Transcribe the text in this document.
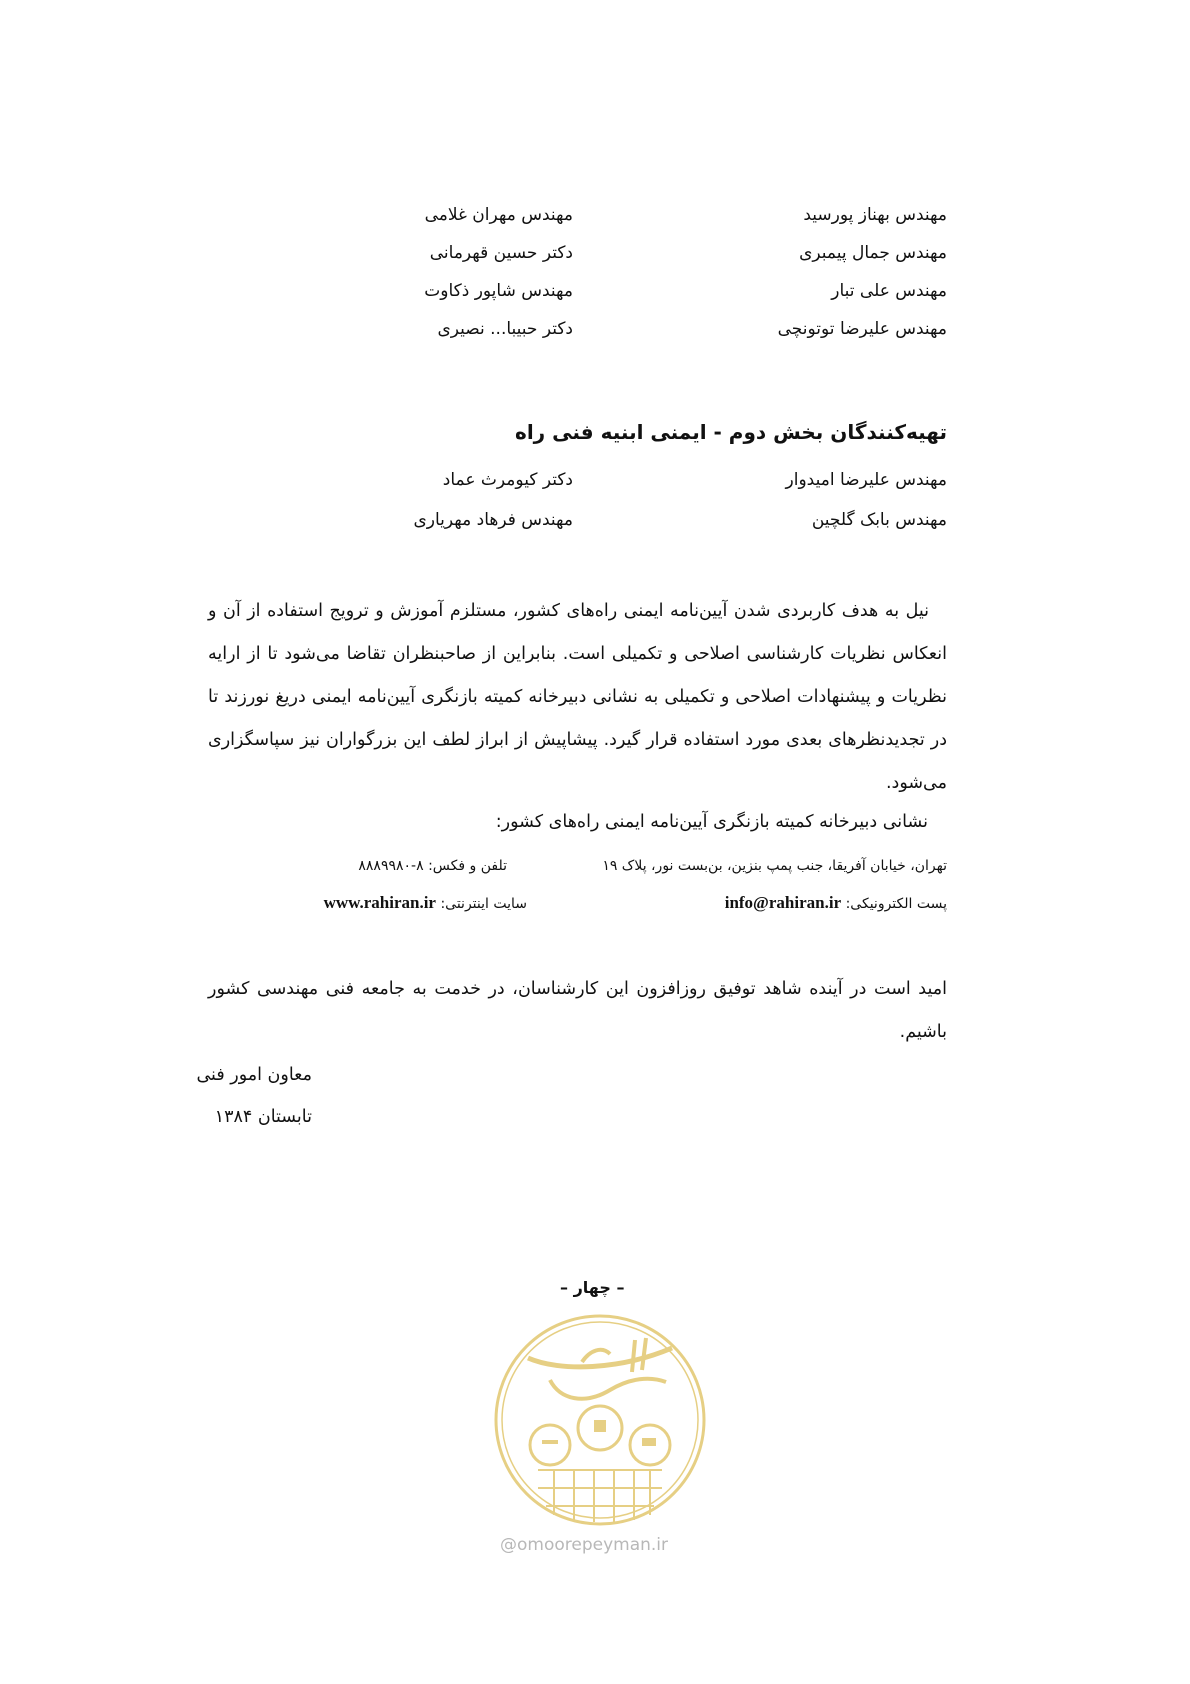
مهندس بهناز پورسید
مهندس جمال پیمبری
مهندس علی تبار
مهندس علیرضا توتونچی
مهندس مهران غلامی
دکتر حسین قهرمانی
مهندس شاپور ذکاوت
دکتر حبیبا... نصیری
تهیه‌کنندگان بخش دوم - ایمنی ابنیه فنی راه
مهندس علیرضا امیدوار
مهندس بابک گلچین
دکتر کیومرث عماد
مهندس فرهاد مهریاری

نیل به هدف کاربردی شدن آیین‌نامه ایمنی راه‌های کشور، مستلزم آموزش و ترویج استفاده از آن و انعکاس نظریات کارشناسی اصلاحی و تکمیلی است. بنابراین از صاحبنظران تقاضا می‌شود تا از ارایه نظریات و پیشنهادات اصلاحی و تکمیلی به نشانی دبیرخانه کمیته بازنگری آیین‌نامه ایمنی دریغ نورزند تا در تجدیدنظرهای بعدی مورد استفاده قرار گیرد. پیشاپیش از ابراز لطف این بزرگواران نیز سپاسگزاری می‌شود.

نشانی دبیرخانه کمیته بازنگری آیین‌نامه ایمنی راه‌های کشور:
تهران، خیابان آفریقا، جنب پمپ بنزین، بن‌بست نور، پلاک ۱۹
تلفن و فکس: ۸-۸۸۸۹۹۸۰
پست الکترونیکی: info@rahiran.ir
سایت اینترنتی: www.rahiran.ir

امید است در آینده شاهد توفیق روزافزون این کارشناسان، در خدمت به جامعه فنی مهندسی کشور باشیم.

معاون امور فنی
تابستان ۱۳۸۴
– چهار –
@omoorepeyman.ir
